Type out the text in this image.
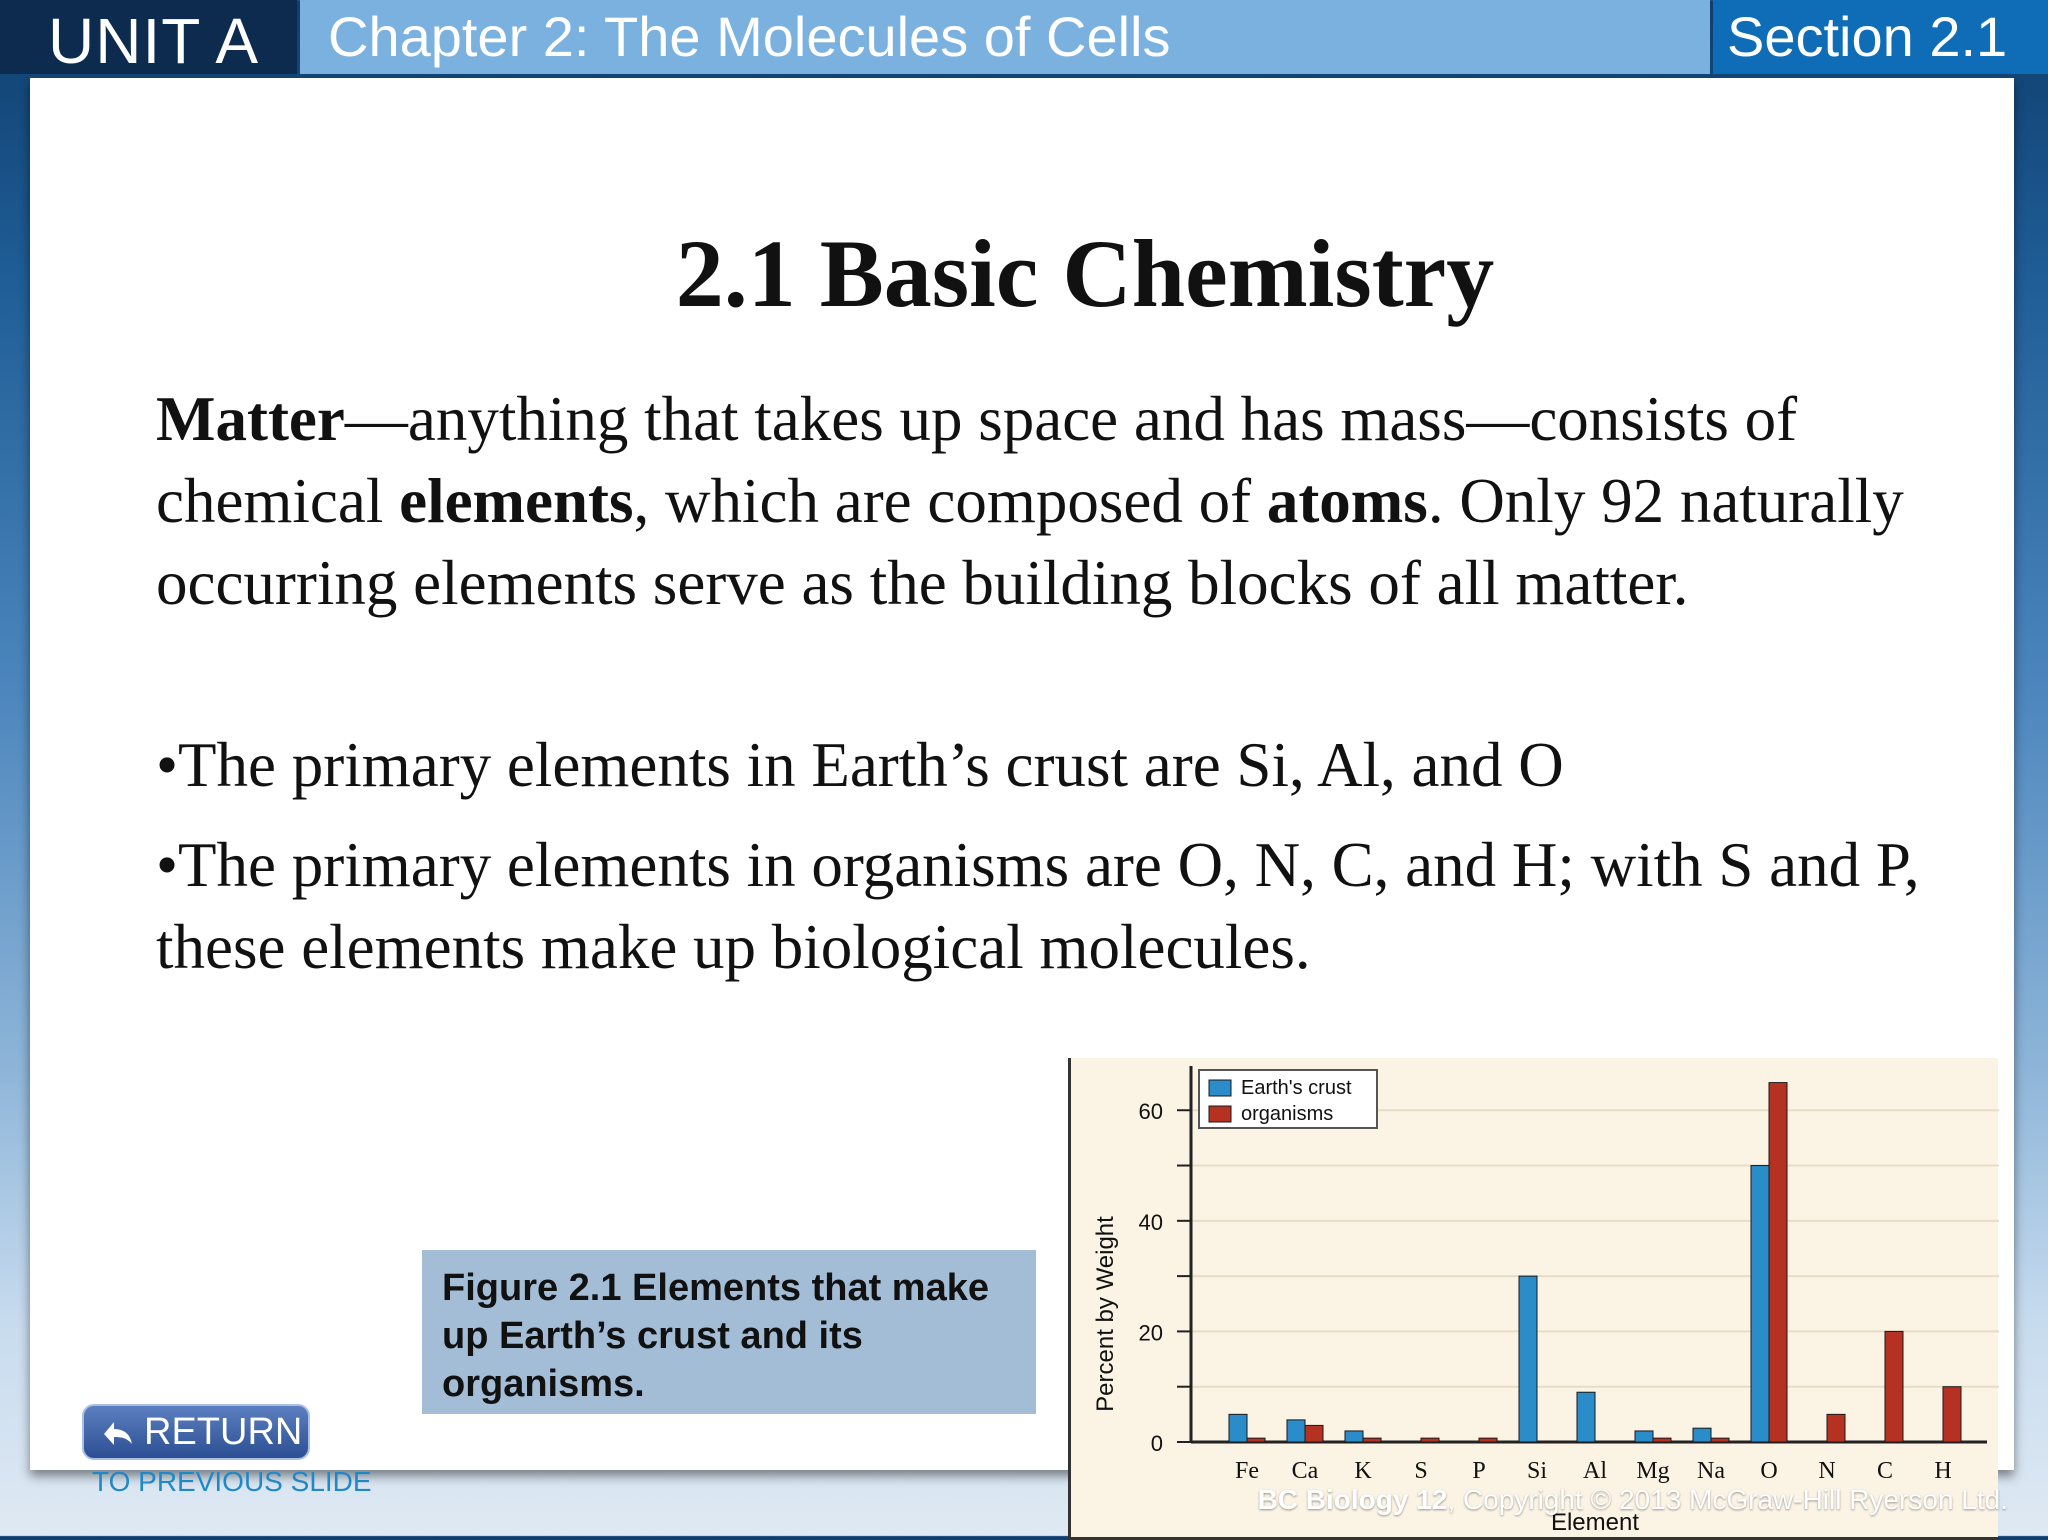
UNIT A Chapter 2: The Molecules of Cells	Section 2.1
2.1 Basic Chemistry

Matter—anything that takes up space and has mass—consists of chemical elements, which are composed of atoms. Only 92 naturally occurring elements serve as the building blocks of all matter.

•The primary elements in Earth’s crust are Si, Al, and O

•The primary elements in organisms are O, N, C, and H; with S and P, these elements make up biological molecules.

Figure 2.1 Elements that make up Earth’s crust and its organisms.
RETURN
TO PREVIOUS SLIDE
0
20
40
60
Fe Ca K S P Si Al Mg Na O N C H
Element
Percent by Weight
Earth's crust
organisms
BC Biology 12, Copyright © 2013 McGraw-Hill Ryerson Ltd.
